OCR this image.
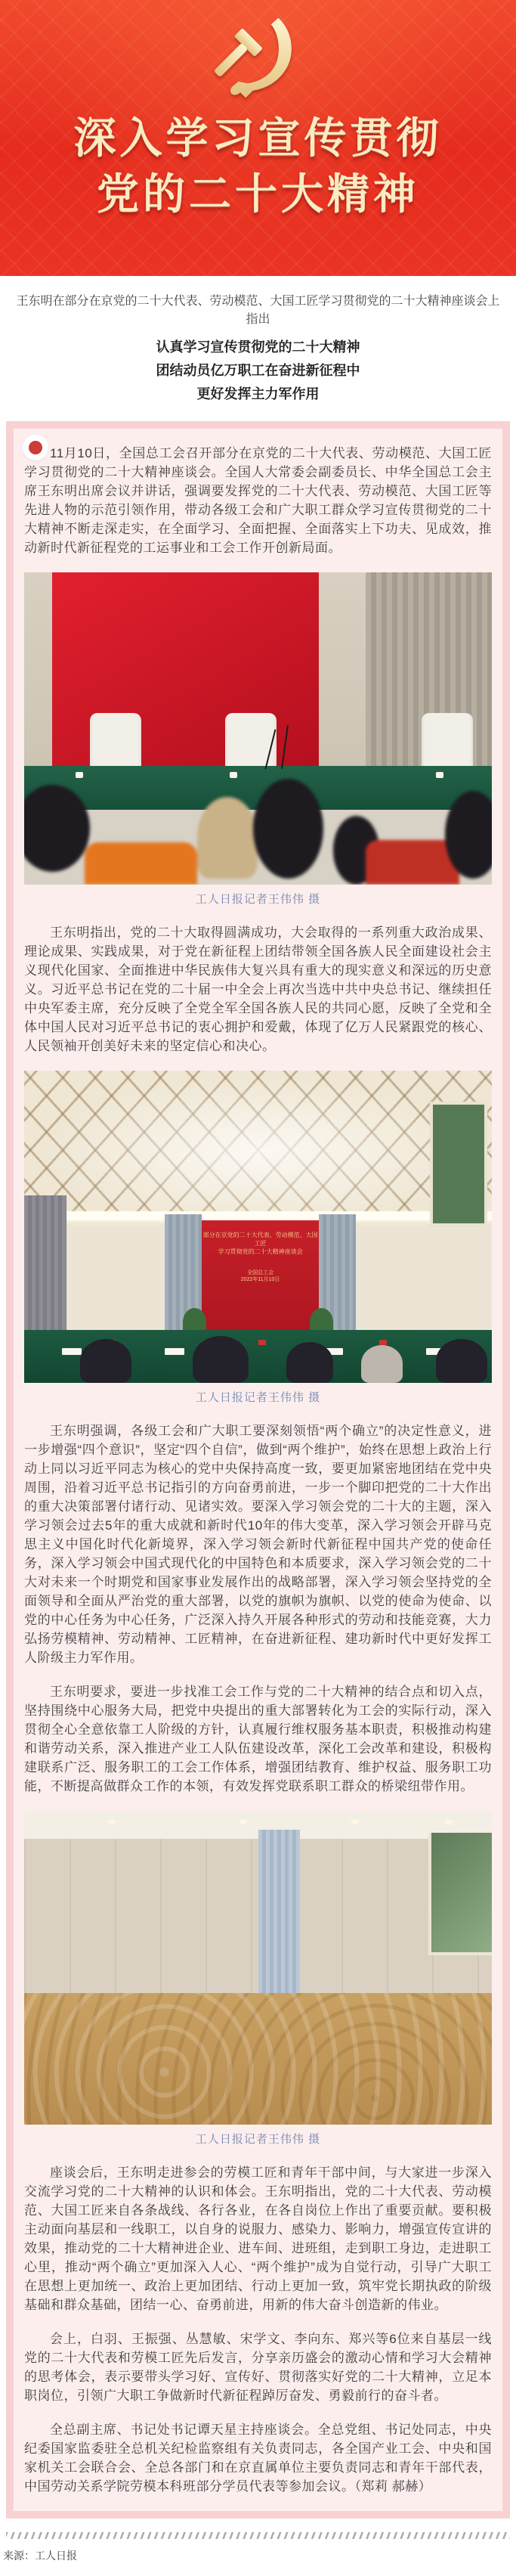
深入学习宣传贯彻
党的二十大精神

王东明在部分在京党的二十大代表、劳动模范、大国工匠学习贯彻党的二十大精神座谈会上

指出

认真学习宣传贯彻党的二十大精神

团结动员亿万职工在奋进新征程中

更好发挥主力军作用

11月10日，全国总工会召开部分在京党的二十大代表、劳动模范、大国工匠学习贯彻党的二十大精神座谈会。全国人大常委会副委员长、中华全国总工会主席王东明出席会议并讲话，强调要发挥党的二十大代表、劳动模范、大国工匠等先进人物的示范引领作用，带动各级工会和广大职工群众学习宣传贯彻党的二十大精神不断走深走实，在全面学习、全面把握、全面落实上下功夫、见成效，推动新时代新征程党的工运事业和工会工作开创新局面。

工人日报记者王伟伟 摄

王东明指出，党的二十大取得圆满成功，大会取得的一系列重大政治成果、理论成果、实践成果，对于党在新征程上团结带领全国各族人民全面建设社会主义现代化国家、全面推进中华民族伟大复兴具有重大的现实意义和深远的历史意义。习近平总书记在党的二十届一中全会上再次当选中共中央总书记、继续担任中央军委主席，充分反映了全党全军全国各族人民的共同心愿，反映了全党和全体中国人民对习近平总书记的衷心拥护和爱戴，体现了亿万人民紧跟党的核心、人民领袖开创美好未来的坚定信心和决心。

部分在京党的二十大代表、劳动模范、大国工匠
学习贯彻党的二十大精神座谈会
全国总工会
2022年11月10日
工人日报记者王伟伟 摄

王东明强调，各级工会和广大职工要深刻领悟“两个确立”的决定性意义，进一步增强“四个意识”，坚定“四个自信”，做到“两个维护”，始终在思想上政治上行动上同以习近平同志为核心的党中央保持高度一致，要更加紧密地团结在党中央周围，沿着习近平总书记指引的方向奋勇前进，一步一个脚印把党的二十大作出的重大决策部署付诸行动、见诸实效。要深入学习领会党的二十大的主题，深入学习领会过去5年的重大成就和新时代10年的伟大变革，深入学习领会开辟马克思主义中国化时代化新境界，深入学习领会新时代新征程中国共产党的使命任务，深入学习领会中国式现代化的中国特色和本质要求，深入学习领会党的二十大对未来一个时期党和国家事业发展作出的战略部署，深入学习领会坚持党的全面领导和全面从严治党的重大部署，以党的旗帜为旗帜、以党的使命为使命、以党的中心任务为中心任务，广泛深入持久开展各种形式的劳动和技能竞赛，大力弘扬劳模精神、劳动精神、工匠精神，在奋进新征程、建功新时代中更好发挥工人阶级主力军作用。

王东明要求，要进一步找准工会工作与党的二十大精神的结合点和切入点，坚持围绕中心服务大局，把党中央提出的重大部署转化为工会的实际行动，深入贯彻全心全意依靠工人阶级的方针，认真履行维权服务基本职责，积极推动构建和谐劳动关系，深入推进产业工人队伍建设改革，深化工会改革和建设，积极构建联系广泛、服务职工的工会工作体系，增强团结教育、维护权益、服务职工功能，不断提高做群众工作的本领，有效发挥党联系职工群众的桥梁纽带作用。

工人日报记者王伟伟 摄

座谈会后，王东明走进参会的劳模工匠和青年干部中间，与大家进一步深入交流学习党的二十大精神的认识和体会。王东明指出，党的二十大代表、劳动模范、大国工匠来自各条战线、各行各业，在各自岗位上作出了重要贡献。要积极主动面向基层和一线职工，以自身的说服力、感染力、影响力，增强宣传宣讲的效果，推动党的二十大精神进企业、进车间、进班组，走到职工身边，走进职工心里，推动“两个确立”更加深入人心、“两个维护”成为自觉行动，引导广大职工在思想上更加统一、政治上更加团结、行动上更加一致，筑牢党长期执政的阶级基础和群众基础，团结一心、奋勇前进，用新的伟大奋斗创造新的伟业。

会上，白羽、王振强、丛慧敏、宋学文、李向东、郑兴等6位来自基层一线党的二十大代表和劳模工匠先后发言，分享亲历盛会的激动心情和学习大会精神的思考体会，表示要带头学习好、宣传好、贯彻落实好党的二十大精神，立足本职岗位，引领广大职工争做新时代新征程踔厉奋发、勇毅前行的奋斗者。

全总副主席、书记处书记谭天星主持座谈会。全总党组、书记处同志，中央纪委国家监委驻全总机关纪检监察组有关负责同志，各全国产业工会、中央和国家机关工会联合会、全总各部门和在京直属单位主要负责同志和青年干部代表，中国劳动关系学院劳模本科班部分学员代表等参加会议。（郑莉 郝赫）

来源：工人日报
